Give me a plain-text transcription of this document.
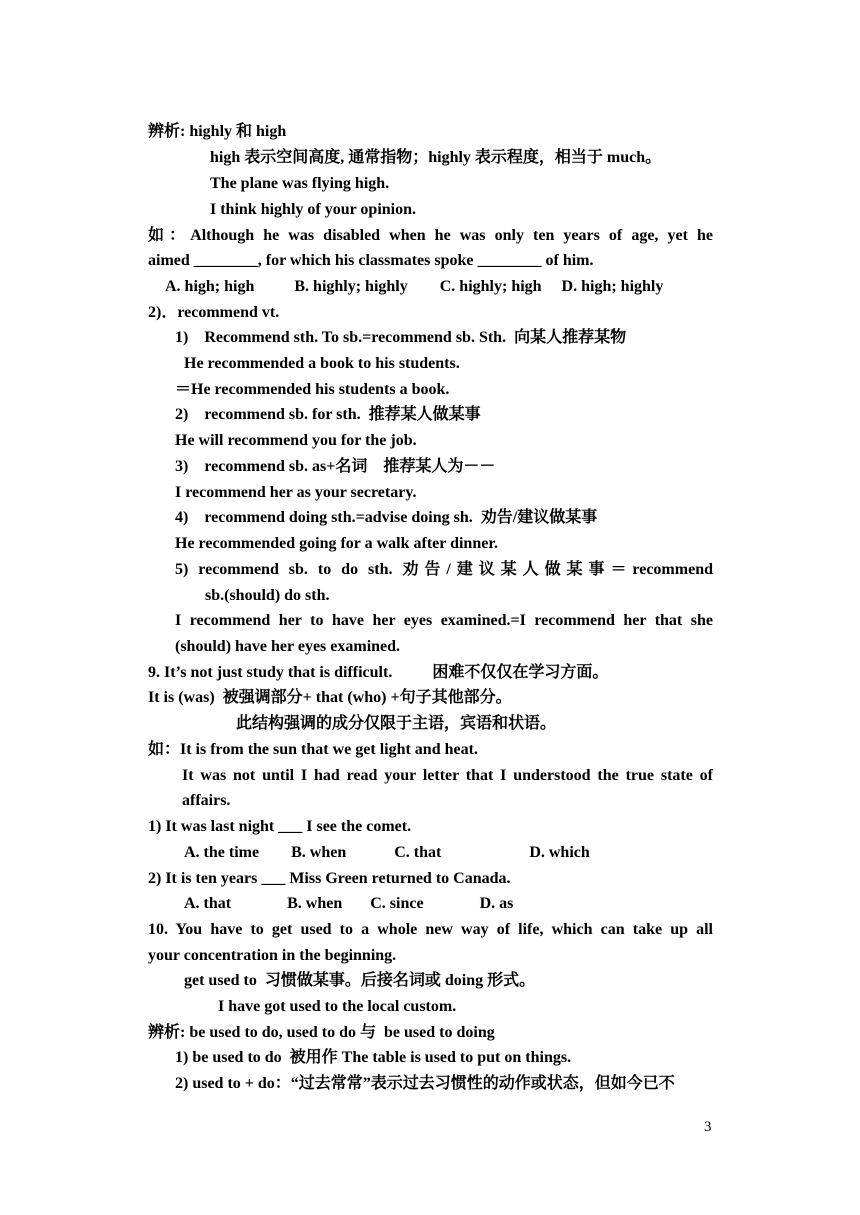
辨析: highly 和 high
high 表示空间高度, 通常指物；highly 表示程度，相当于 much。
The plane was flying high.
I think highly of your opinion.
如：Although he was disabled when he was only ten years of age, yet he
aimed ________, for which his classmates spoke ________ of him.
A. high; high          B. highly; highly        C. highly; high     D. high; highly
2)．recommend vt.
1)    Recommend sth. To sb.=recommend sb. Sth.  向某人推荐某物
He recommended a book to his students.
＝He recommended his students a book.
2)    recommend sb. for sth.  推荐某人做某事
He will recommend you for the job.
3)    recommend sb. as+名词    推荐某人为－－
I recommend her as your secretary.
4)    recommend doing sth.=advise doing sh.  劝告/建议做某事
He recommended going for a walk after dinner.
5) recommend sb. to do sth. 劝告/建议某人做某事＝recommend
sb.(should) do sth.
I recommend her to have her eyes examined.=I recommend her that she
(should) have her eyes examined.
9. It’s not just study that is difficult.          困难不仅仅在学习方面。
It is (was)  被强调部分+ that (who) +句子其他部分。
此结构强调的成分仅限于主语，宾语和状语。
如：It is from the sun that we get light and heat.
It was not until I had read your letter that I understood the true state of
affairs.
1) It was last night ___ I see the comet.
A. the time        B. when            C. that                      D. which
2) It is ten years ___ Miss Green returned to Canada.
A. that              B. when       C. since              D. as
10. You have to get used to a whole new way of life, which can take up all
your concentration in the beginning.
get used to  习惯做某事。后接名词或 doing 形式。
I have got used to the local custom.
辨析: be used to do, used to do 与  be used to doing
1) be used to do  被用作 The table is used to put on things.
2) used to + do：“过去常常”表示过去习惯性的动作或状态，但如今已不
3
